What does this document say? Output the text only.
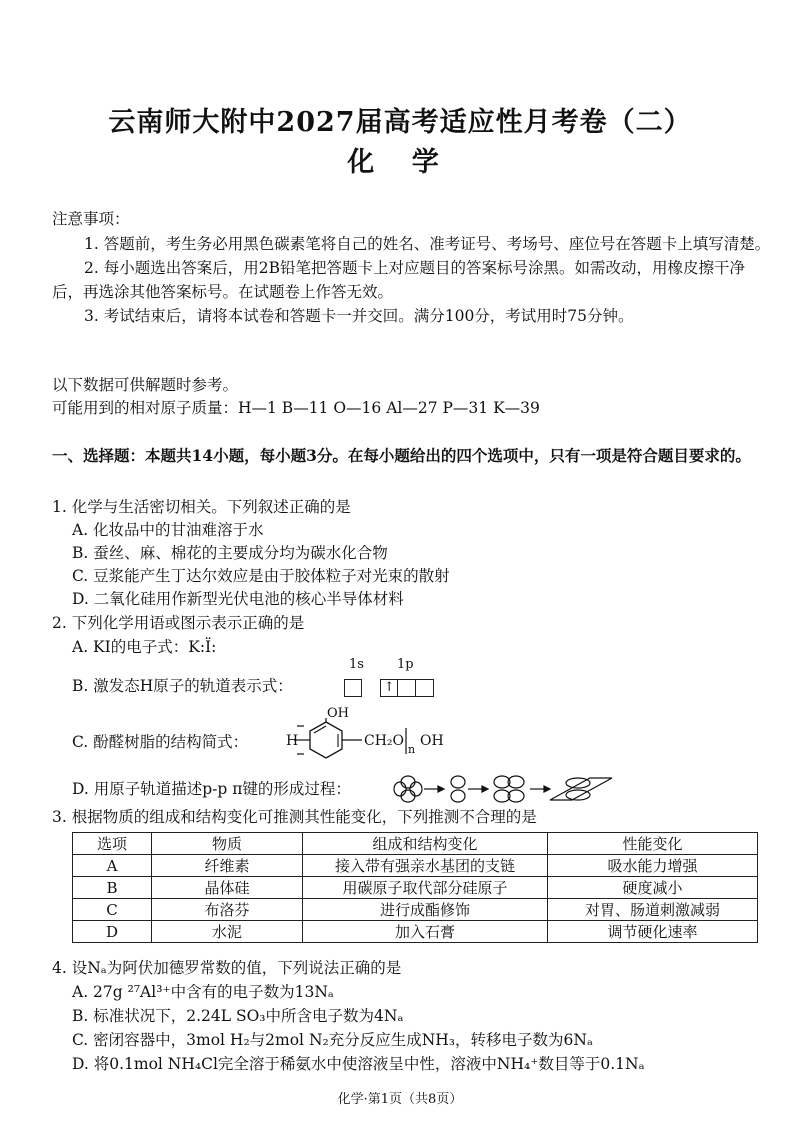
云南师大附中2027届高考适应性月考卷（二）
化 学
注意事项：

1. 答题前，考生务必用黑色碳素笔将自己的姓名、准考证号、考场号、座位号在答题卡上填写清楚。

2. 每小题选出答案后，用2B铅笔把答题卡上对应题目的答案标号涂黑。如需改动，用橡皮擦干净后，再选涂其他答案标号。在试题卷上作答无效。

3. 考试结束后，请将本试卷和答题卡一并交回。满分100分，考试用时75分钟。

以下数据可供解题时参考。
可能用到的相对原子质量：H—1 B—11 O—16 Al—27 P—31 K—39
一、选择题：本题共14小题，每小题3分。在每小题给出的四个选项中，只有一项是符合题目要求的。
1. 化学与生活密切相关。下列叙述正确的是
A. 化妆品中的甘油难溶于水
B. 蚕丝、麻、棉花的主要成分均为碳水化合物
C. 豆浆能产生丁达尔效应是由于胶体粒子对光束的散射
D. 二氧化硅用作新型光伏电池的核心半导体材料
2. 下列化学用语或图示表示正确的是
A. KI的电子式：K:Ï:
B. 激发态H原子的轨道表示式：
1s	1p
↑
C. 酚醛树脂的结构简式：
OH
H	CH₂O
n
OH
D. 用原子轨道描述p-p π键的形成过程：
3. 根据物质的组成和结构变化可推测其性能变化，下列推测不合理的是
选项	物质	组成和结构变化	性能变化
A	纤维素	接入带有强亲水基团的支链	吸水能力增强
B	晶体硅	用碳原子取代部分硅原子	硬度减小
C	布洛芬	进行成酯修饰	对胃、肠道刺激减弱
D	水泥	加入石膏	调节硬化速率
4. 设Nₐ为阿伏加德罗常数的值，下列说法正确的是
A. 27g ²⁷Al³⁺中含有的电子数为13Nₐ
B. 标准状况下，2.24L SO₃中所含电子数为4Nₐ
C. 密闭容器中，3mol H₂与2mol N₂充分反应生成NH₃，转移电子数为6Nₐ
D. 将0.1mol NH₄Cl完全溶于稀氨水中使溶液呈中性，溶液中NH₄⁺数目等于0.1Nₐ
化学·第1页（共8页）
